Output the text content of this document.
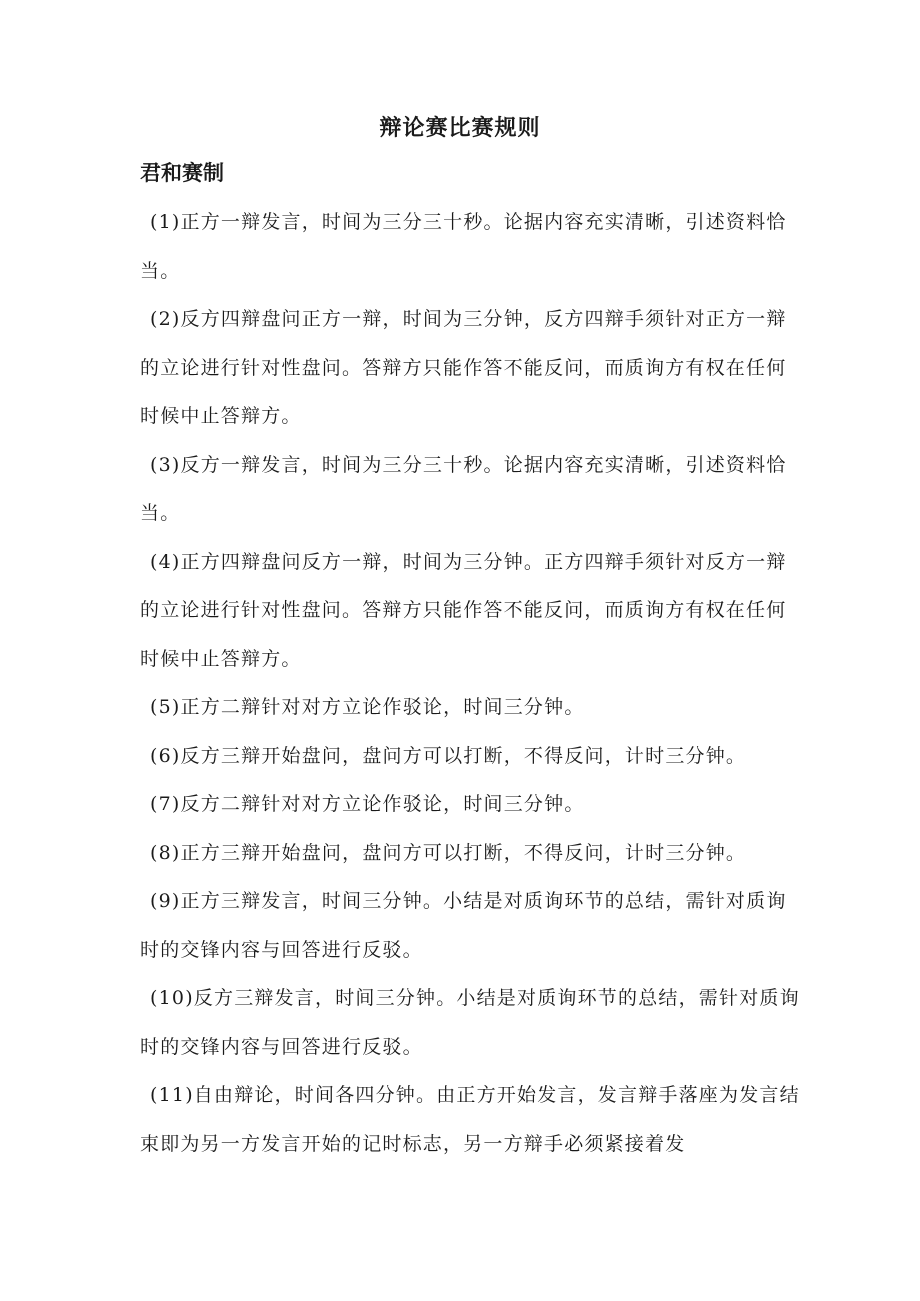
辩论赛比赛规则
君和赛制

(1)正方一辩发言，时间为三分三十秒。论据内容充实清晰，引述资料恰当。

(2)反方四辩盘问正方一辩，时间为三分钟，反方四辩手须针对正方一辩的立论进行针对性盘问。答辩方只能作答不能反问，而质询方有权在任何时候中止答辩方。

(3)反方一辩发言，时间为三分三十秒。论据内容充实清晰，引述资料恰当。

(4)正方四辩盘问反方一辩，时间为三分钟。正方四辩手须针对反方一辩的立论进行针对性盘问。答辩方只能作答不能反问，而质询方有权在任何时候中止答辩方。

(5)正方二辩针对对方立论作驳论，时间三分钟。

(6)反方三辩开始盘问，盘问方可以打断，不得反问，计时三分钟。

(7)反方二辩针对对方立论作驳论，时间三分钟。

(8)正方三辩开始盘问，盘问方可以打断，不得反问，计时三分钟。

(9)正方三辩发言，时间三分钟。小结是对质询环节的总结，需针对质询时的交锋内容与回答进行反驳。

(10)反方三辩发言，时间三分钟。小结是对质询环节的总结，需针对质询时的交锋内容与回答进行反驳。

(11)自由辩论，时间各四分钟。由正方开始发言，发言辩手落座为发言结束即为另一方发言开始的记时标志，另一方辩手必须紧接着发
